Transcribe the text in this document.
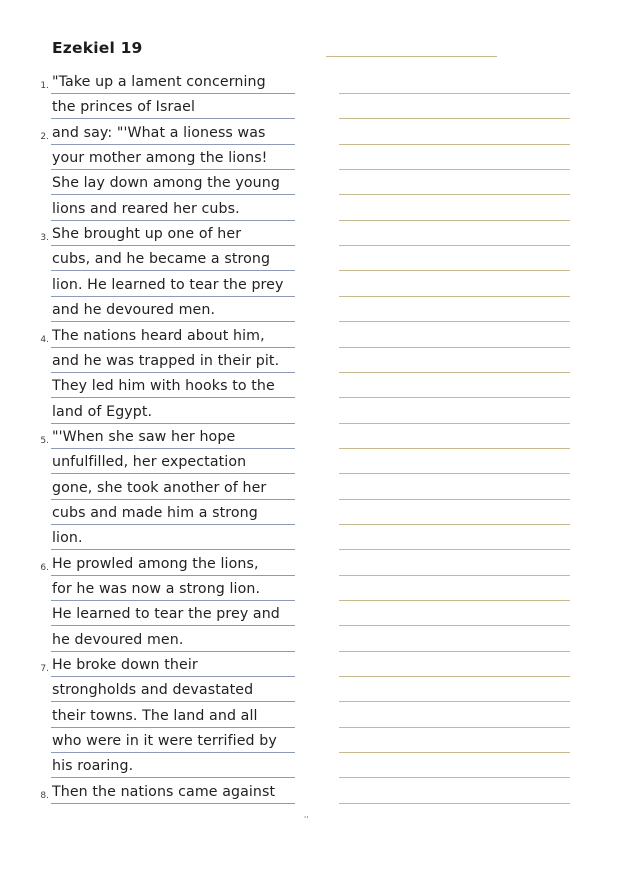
Ezekiel 19
1. "Take up a lament concerning
the princes of Israel
2. and say: "'What a lioness was
your mother among the lions!
She lay down among the young
lions and reared her cubs.
3. She brought up one of her
cubs, and he became a strong
lion. He learned to tear the prey
and he devoured men.
4. The nations heard about him,
and he was trapped in their pit.
They led him with hooks to the
land of Egypt.
5. "'When she saw her hope
unfulfilled, her expectation
gone, she took another of her
cubs and made him a strong
lion.
6. He prowled among the lions,
for he was now a strong lion.
He learned to tear the prey and
he devoured men.
7. He broke down their
strongholds and devastated
their towns. The land and all
who were in it were terrified by
his roaring.
8. Then the nations came against
''
